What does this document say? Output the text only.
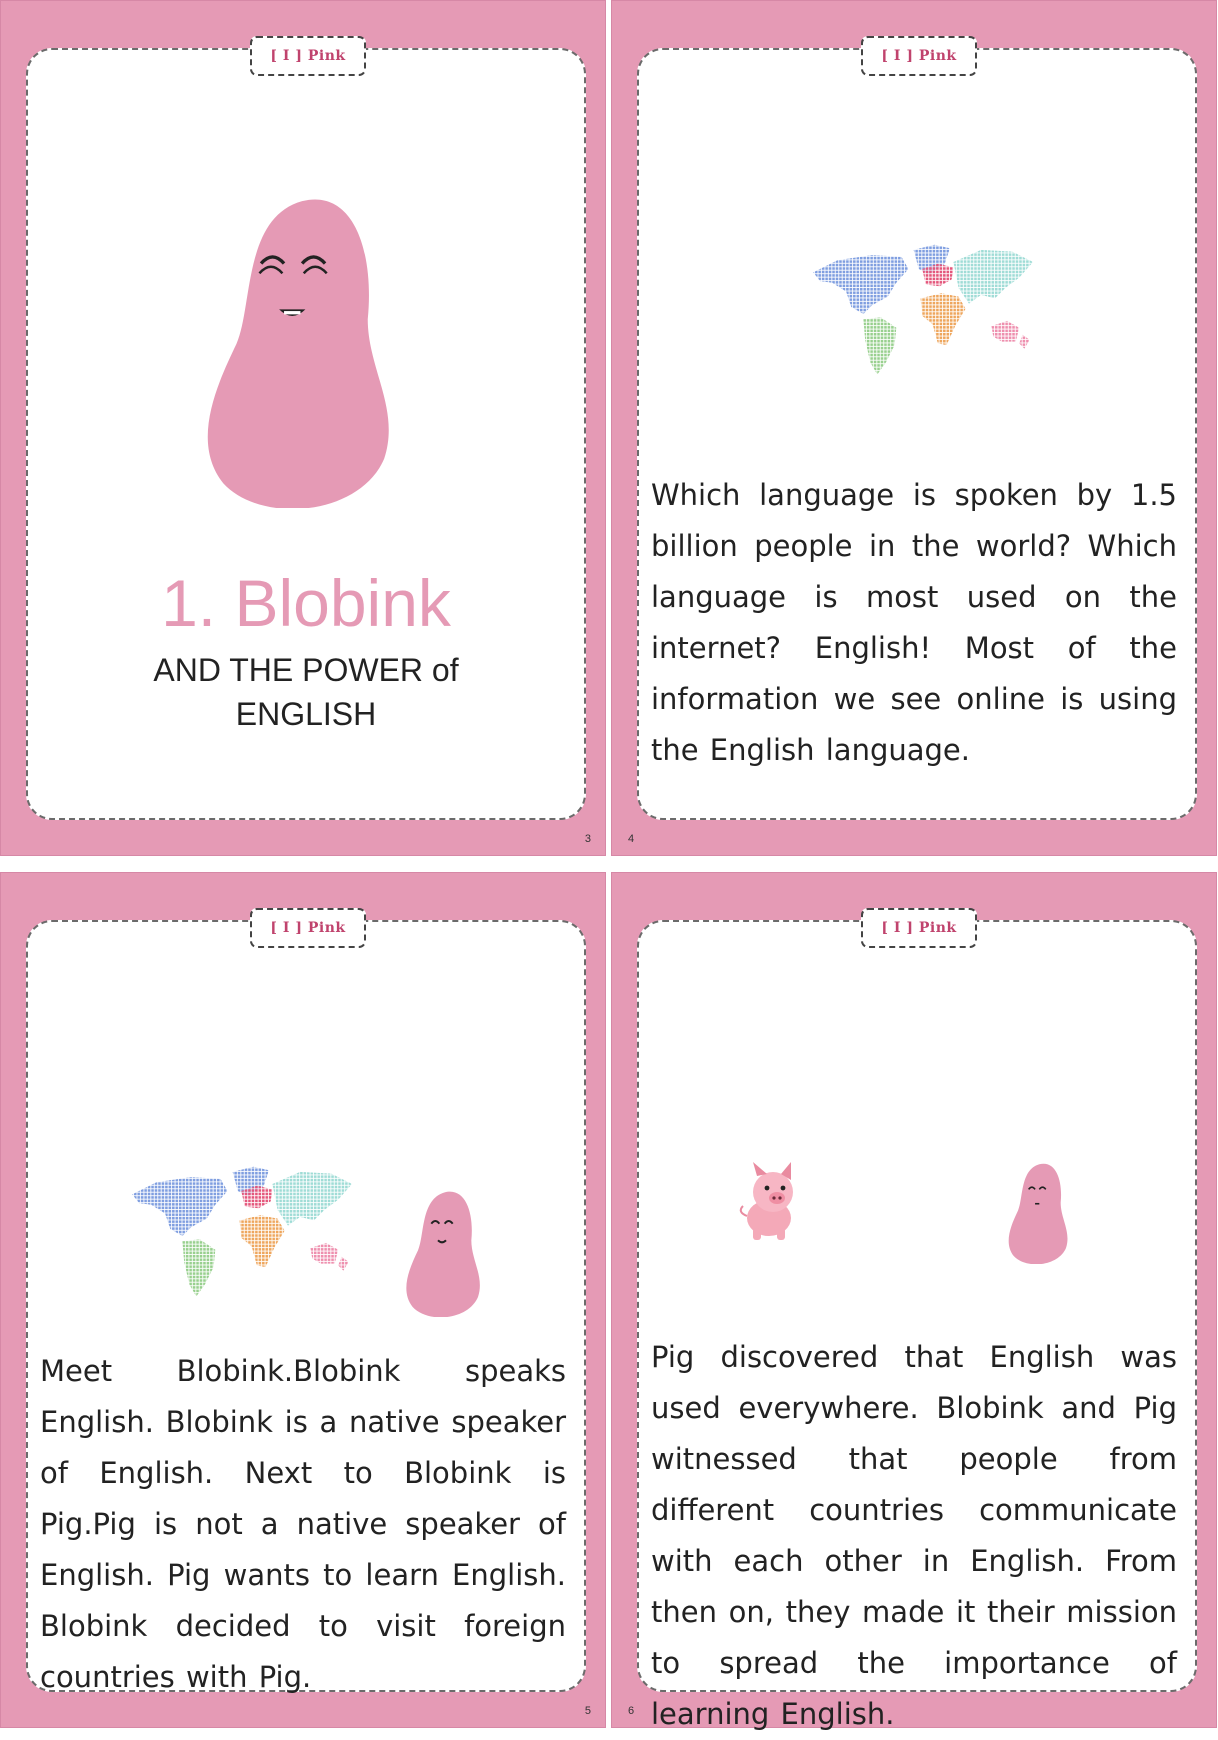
[ I ]
Pink
1. Blobink
AND THE POWER of
ENGLISH
3
[ I ]
Pink
Which language is spoken by 1.5 billion people in the world? Which language is most used on the internet? English! Most of the information we see online is using the English language.
4
[ I ]
Pink
Meet Blobink.Blobink speaks English. Blobink is a native speaker of English. Next to Blobink is Pig.Pig is not a native speaker of English. Pig wants to learn English. Blobink decided to visit foreign countries with Pig.
5
[ I ]
Pink
Pig discovered that English was used everywhere. Blobink and Pig witnessed that people from different countries communicate with each other in English. From then on, they made it their mission to spread the importance of learning English.
6
